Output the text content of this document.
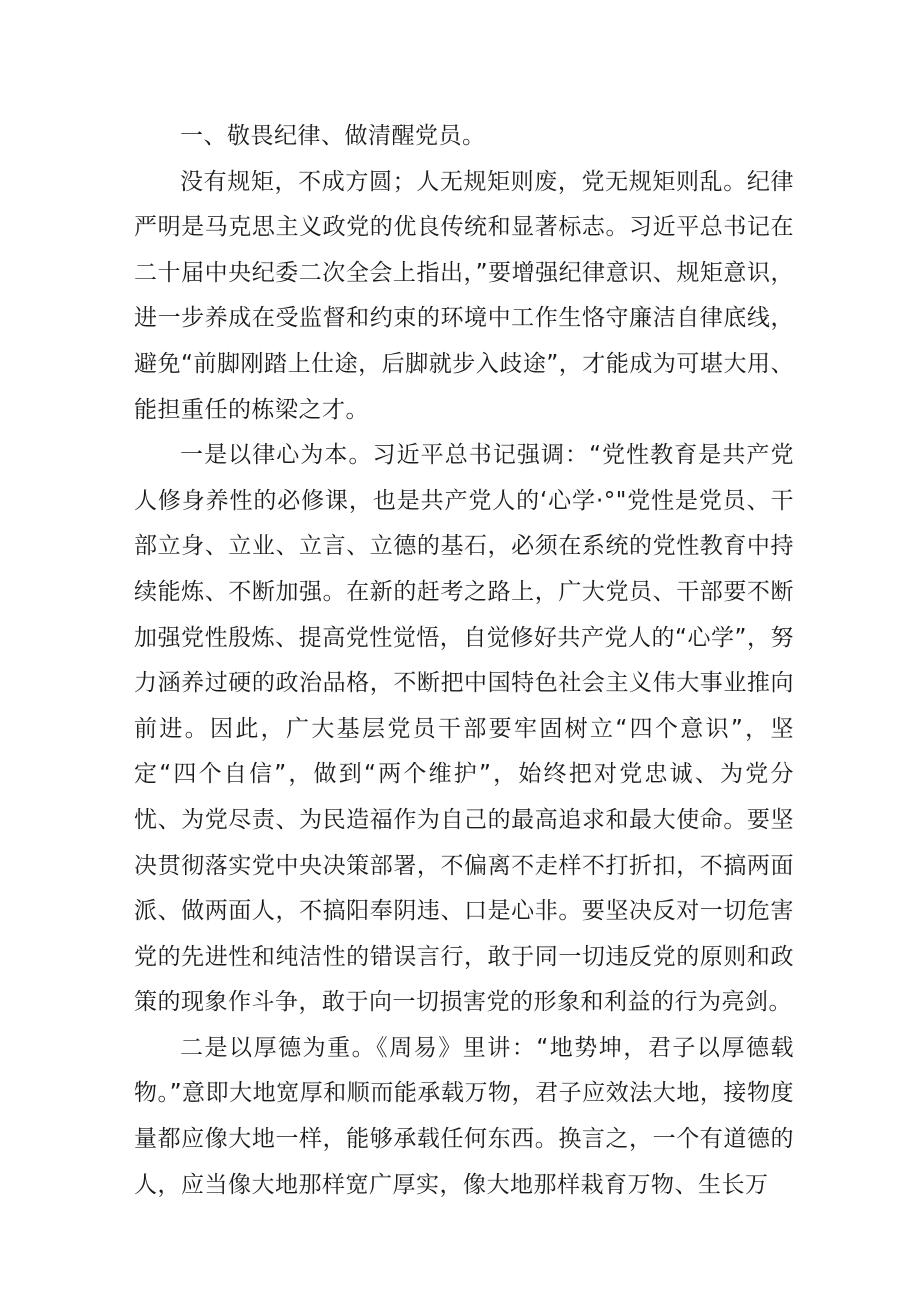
一、敬畏纪律、做清醒党员。

没有规矩，不成方圆；人无规矩则废，党无规矩则乱。纪律严明是马克思主义政党的优良传统和显著标志。习近平总书记在二十届中央纪委二次全会上指出，”要增强纪律意识、规矩意识，进一步养成在受监督和约束的环境中工作生恪守廉洁自律底线，避免“前脚刚踏上仕途，后脚就步入歧途”，才能成为可堪大用、能担重任的栋梁之才。

一是以律心为本。习近平总书记强调：“党性教育是共产党人修身养性的必修课，也是共产党人的‘心学·°"党性是党员、干部立身、立业、立言、立德的基石，必须在系统的党性教育中持续能炼、不断加强。在新的赶考之路上，广大党员、干部要不断加强党性殷炼、提高党性觉悟，自觉修好共产党人的“心学”，努力涵养过硬的政治品格，不断把中国特色社会主义伟大事业推向前进。因此，广大基层党员干部要牢固树立“四个意识”，坚定“四个自信”，做到“两个维护”，始终把对党忠诚、为党分忧、为党尽责、为民造福作为自己的最高追求和最大使命。要坚决贯彻落实党中央决策部署，不偏离不走样不打折扣，不搞两面派、做两面人，不搞阳奉阴违、口是心非。要坚决反对一切危害党的先进性和纯洁性的错误言行，敢于同一切违反党的原则和政策的现象作斗争，敢于向一切损害党的形象和利益的行为亮剑。

二是以厚德为重。《周易》里讲：“地势坤，君子以厚德载物。”意即大地宽厚和顺而能承载万物，君子应效法大地，接物度量都应像大地一样，能够承载任何东西。换言之，一个有道德的人，应当像大地那样宽广厚实，像大地那样栽育万物、生长万
